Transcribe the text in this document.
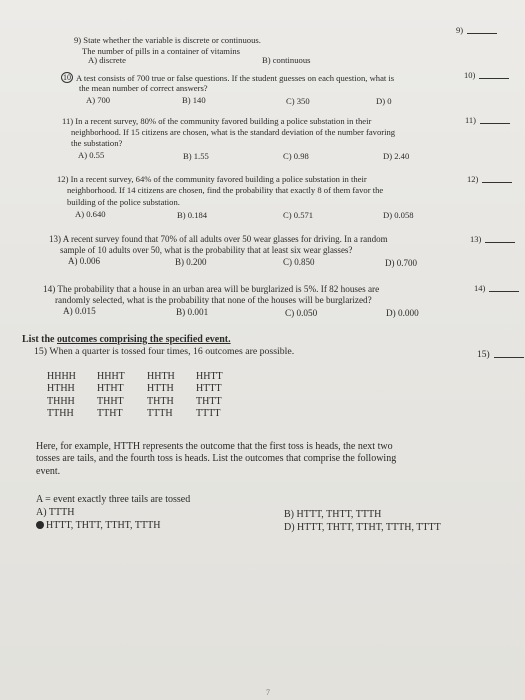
9)
10)
11)
12)
13)
14)
15)
9) State whether the variable is discrete or continuous.
The number of pills in a container of vitamins
A) discrete	B) continuous
10 A test consists of 700 true or false questions. If the student guesses on each question, what is
the mean number of correct answers?
A) 700	B) 140	C) 350	D) 0
11) In a recent survey, 80% of the community favored building a police substation in their
neighborhood. If 15 citizens are chosen, what is the standard deviation of the number favoring
the substation?
A) 0.55	B) 1.55	C) 0.98	D) 2.40
12) In a recent survey, 64% of the community favored building a police substation in their
neighborhood. If 14 citizens are chosen, find the probability that exactly 8 of them favor the
building of the police substation.
A) 0.640	B) 0.184	C) 0.571	D) 0.058
13) A recent survey found that 70% of all adults over 50 wear glasses for driving. In a random
sample of 10 adults over 50, what is the probability that at least six wear glasses?
A) 0.006	B) 0.200	C) 0.850	D) 0.700
14) The probability that a house in an urban area will be burglarized is 5%. If 82 houses are
randomly selected, what is the probability that none of the houses will be burglarized?
A) 0.015	B) 0.001	C) 0.050	D) 0.000
List the outcomes comprising the specified event.
15) When a quarter is tossed four times, 16 outcomes are possible.
HHHH HHHT HHTH HHTT
HTHH HTHT HTTH HTTT
THHH THHT THTH THTT
TTHH TTHT TTTH TTTT
Here, for example, HTTH represents the outcome that the first toss is heads, the next two
tosses are tails, and the fourth toss is heads. List the outcomes that comprise the following
event.
A = event exactly three tails are tossed
A) TTTH
HTTT, THTT, TTHT, TTTH
B) HTTT, THTT, TTTH
D) HTTT, THTT, TTHT, TTTH, TTTT

7
